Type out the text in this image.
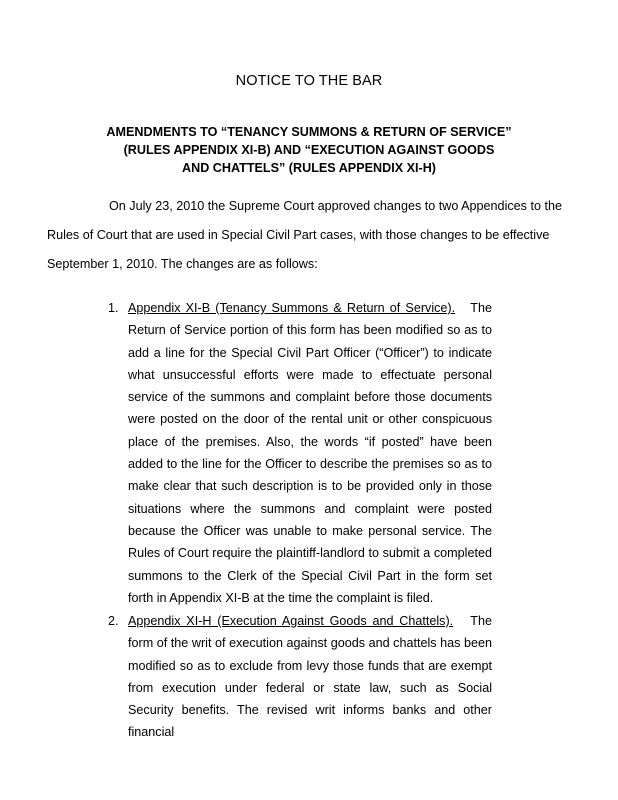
NOTICE TO THE BAR
AMENDMENTS TO “TENANCY SUMMONS & RETURN OF SERVICE”
(RULES APPENDIX XI-B) AND “EXECUTION AGAINST GOODS
AND CHATTELS” (RULES APPENDIX XI-H)

On July 23, 2010 the Supreme Court approved changes to two Appendices to the Rules of Court that are used in Special Civil Part cases, with those changes to be effective September 1, 2010. The changes are as follows:

1. Appendix XI-B (Tenancy Summons & Return of Service). The Return of Service portion of this form has been modified so as to add a line for the Special Civil Part Officer (“Officer”) to indicate what unsuccessful efforts were made to effectuate personal service of the summons and complaint before those documents were posted on the door of the rental unit or other conspicuous place of the premises. Also, the words “if posted” have been added to the line for the Officer to describe the premises so as to make clear that such description is to be provided only in those situations where the summons and complaint were posted because the Officer was unable to make personal service. The Rules of Court require the plaintiff-landlord to submit a completed summons to the Clerk of the Special Civil Part in the form set forth in Appendix XI-B at the time the complaint is filed.
2. Appendix XI-H (Execution Against Goods and Chattels). The form of the writ of execution against goods and chattels has been modified so as to exclude from levy those funds that are exempt from execution under federal or state law, such as Social Security benefits. The revised writ informs banks and other financial
